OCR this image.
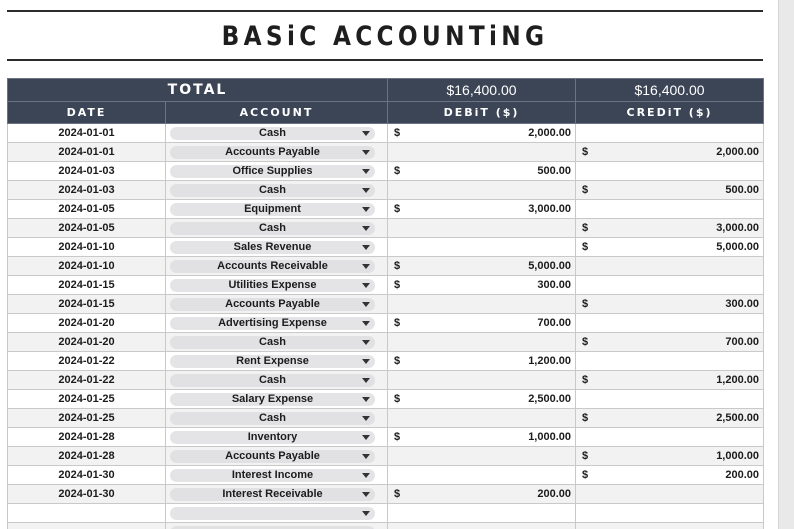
BASiC ACCOUNTiNG
TOTAL		$16,400.00	$16,400.00
DATE	ACCOUNT	DEBiT ($)	CREDiT ($)
2024-01-01	Cash	$ 2,000.00	

2024-01-01	Accounts Payable		$ 2,000.00

2024-01-03	Office Supplies	$ 500.00	

2024-01-03	Cash		$ 500.00

2024-01-05	Equipment	$ 3,000.00	

2024-01-05	Cash		$ 3,000.00

2024-01-10	Sales Revenue		$ 5,000.00

2024-01-10	Accounts Receivable	$ 5,000.00	

2024-01-15	Utilities Expense	$ 300.00	

2024-01-15	Accounts Payable		$ 300.00

2024-01-20	Advertising Expense	$ 700.00	

2024-01-20	Cash		$ 700.00

2024-01-22	Rent Expense	$ 1,200.00	

2024-01-22	Cash		$ 1,200.00

2024-01-25	Salary Expense	$ 2,500.00	

2024-01-25	Cash		$ 2,500.00

2024-01-28	Inventory	$ 1,000.00	

2024-01-28	Accounts Payable		$ 1,000.00

2024-01-30	Interest Income		$ 200.00

2024-01-30	Interest Receivable	$ 200.00	
